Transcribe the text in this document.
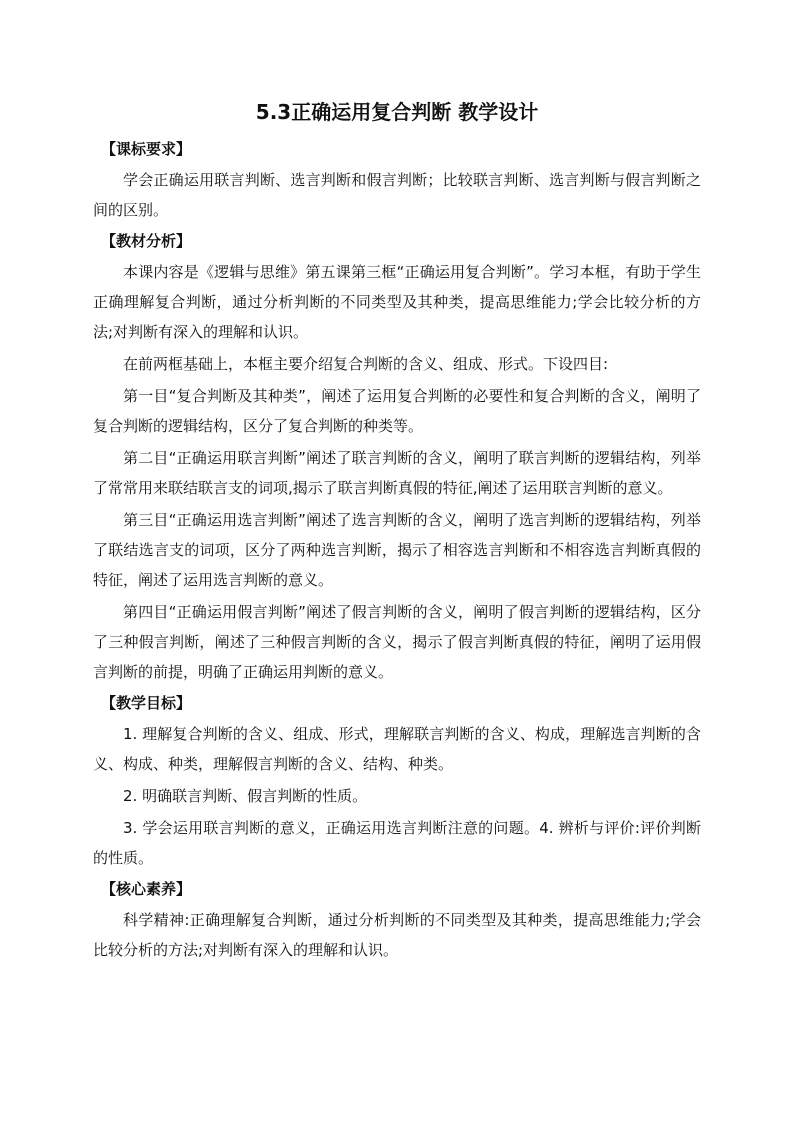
5.3正确运用复合判断 教学设计
【课标要求】

学会正确运用联言判断、选言判断和假言判断；比较联言判断、选言判断与假言判断之间的区别。

【教材分析】

本课内容是《逻辑与思维》第五课第三框“正确运用复合判断”。学习本框，有助于学生正确理解复合判断，通过分析判断的不同类型及其种类，提高思维能力;学会比较分析的方法;对判断有深入的理解和认识。

在前两框基础上，本框主要介绍复合判断的含义、组成、形式。下设四目:

第一目“复合判断及其种类”，阐述了运用复合判断的必要性和复合判断的含义，阐明了复合判断的逻辑结构，区分了复合判断的种类等。

第二目“正确运用联言判断”阐述了联言判断的含义，阐明了联言判断的逻辑结构，列举了常常用来联结联言支的词项,揭示了联言判断真假的特征,阐述了运用联言判断的意义。

第三目“正确运用选言判断”阐述了选言判断的含义，阐明了选言判断的逻辑结构，列举了联结选言支的词项，区分了两种选言判断，揭示了相容选言判断和不相容选言判断真假的特征，阐述了运用选言判断的意义。

第四目“正确运用假言判断”阐述了假言判断的含义，阐明了假言判断的逻辑结构，区分了三种假言判断，阐述了三种假言判断的含义，揭示了假言判断真假的特征，阐明了运用假言判断的前提，明确了正确运用判断的意义。

【教学目标】

1. 理解复合判断的含义、组成、形式，理解联言判断的含义、构成，理解选言判断的含义、构成、种类，理解假言判断的含义、结构、种类。

2. 明确联言判断、假言判断的性质。

3. 学会运用联言判断的意义，正确运用选言判断注意的问题。4. 辨析与评价:评价判断的性质。

【核心素养】

科学精神:正确理解复合判断，通过分析判断的不同类型及其种类，提高思维能力;学会比较分析的方法;对判断有深入的理解和认识。
